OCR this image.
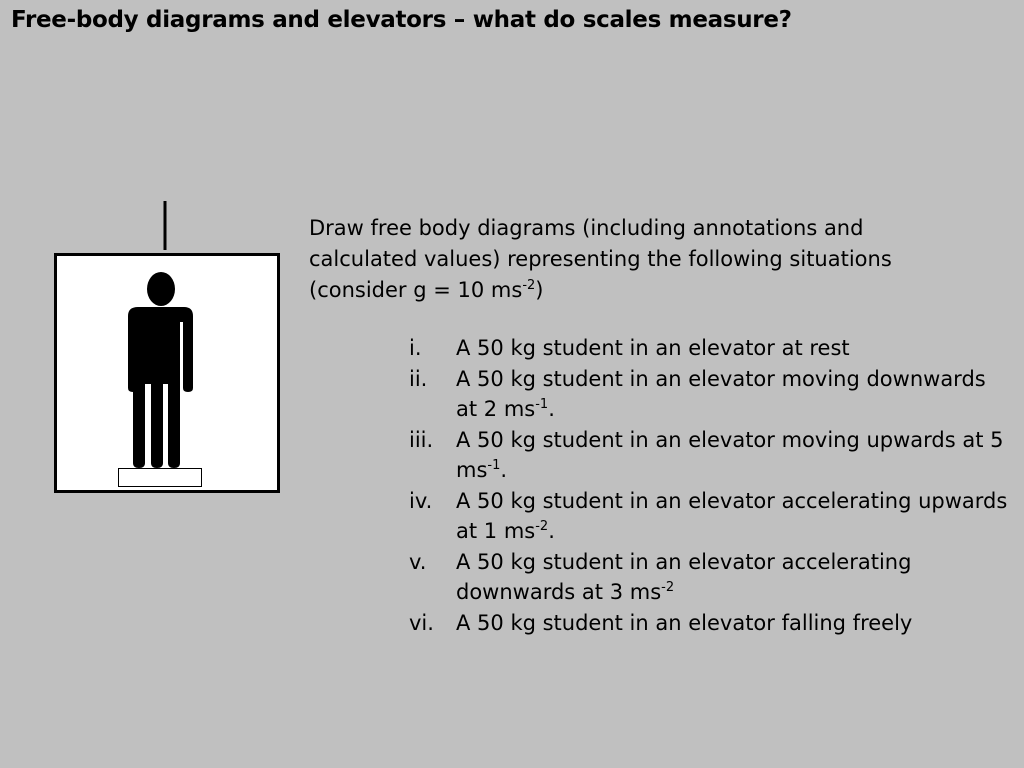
Free-body diagrams and elevators – what do scales measure?

Draw free body diagrams (including annotations and

calculated values) representing the following situations

(consider g = 10 $ms^{-2}$)

i.	A 50 kg student in an elevator at rest
ii.	A 50 kg student in an elevator moving downwards at 2 $ms^{-1}$.
iii.	A 50 kg student in an elevator moving upwards at 5 $ms^{-1}$.
iv.	A 50 kg student in an elevator accelerating upwards at 1 $ms^{-2}$.
v.	A 50 kg student in an elevator accelerating downwards at 3 $ms^{-2}$
vi.	A 50 kg student in an elevator falling freely
